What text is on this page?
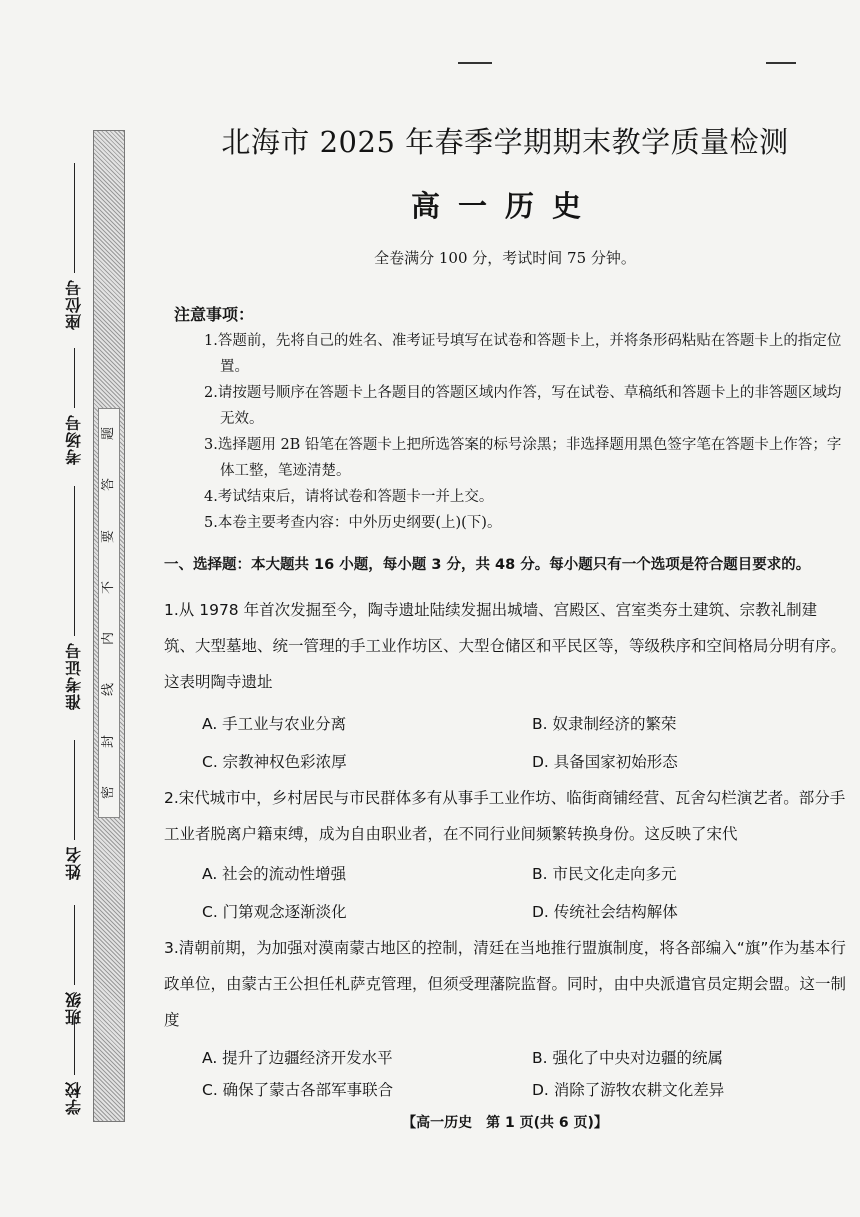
座位号
考场号
准考证号
姓名
班级
学校
题
答
要
不
内
线
封
密
北海市 2025 年春季学期期末教学质量检测
高一历史
全卷满分 100 分，考试时间 75 分钟。
注意事项：

1.答题前，先将自己的姓名、准考证号填写在试卷和答题卡上，并将条形码粘贴在答题卡上的指定位置。

2.请按题号顺序在答题卡上各题目的答题区域内作答，写在试卷、草稿纸和答题卡上的非答题区域均无效。

3.选择题用 2B 铅笔在答题卡上把所选答案的标号涂黑；非选择题用黑色签字笔在答题卡上作答；字体工整，笔迹清楚。

4.考试结束后，请将试卷和答题卡一并上交。

5.本卷主要考查内容：中外历史纲要(上)(下)。

一、选择题：本大题共 16 小题，每小题 3 分，共 48 分。每小题只有一个选项是符合题目要求的。

1.从 1978 年首次发掘至今，陶寺遗址陆续发掘出城墙、宫殿区、宫室类夯土建筑、宗教礼制建筑、大型墓地、统一管理的手工业作坊区、大型仓储区和平民区等，等级秩序和空间格局分明有序。这表明陶寺遗址

A. 手工业与农业分离	B. 奴隶制经济的繁荣
C. 宗教神权色彩浓厚	D. 具备国家初始形态

2.宋代城市中，乡村居民与市民群体多有从事手工业作坊、临街商铺经营、瓦舍勾栏演艺者。部分手工业者脱离户籍束缚，成为自由职业者，在不同行业间频繁转换身份。这反映了宋代

A. 社会的流动性增强	B. 市民文化走向多元
C. 门第观念逐渐淡化	D. 传统社会结构解体

3.清朝前期，为加强对漠南蒙古地区的控制，清廷在当地推行盟旗制度，将各部编入“旗”作为基本行政单位，由蒙古王公担任札萨克管理，但须受理藩院监督。同时，由中央派遣官员定期会盟。这一制度

A. 提升了边疆经济开发水平	B. 强化了中央对边疆的统属
C. 确保了蒙古各部军事联合	D. 消除了游牧农耕文化差异
【高一历史　第 1 页(共 6 页)】
